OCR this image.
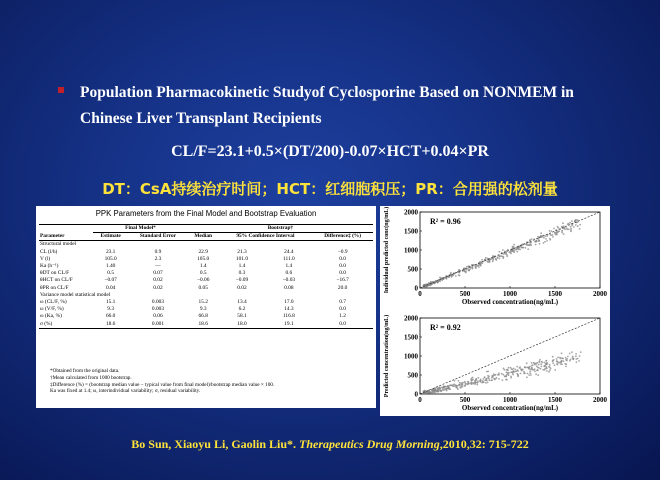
Population Pharmacokinetic Studyof Cyclosporine Based on NONMEM in
Chinese Liver Transplant Recipients
CL/F=23.1+0.5×(DT/200)-0.07×HCT+0.04×PR
DT：CsA持续治疗时间；HCT：红细胞积压；PR：合用强的松剂量
PPK Parameters from the Final Model and Bootstrap Evaluation
	Final Model*		Bootstrap†			
Parameter	Estimate	Standard Error	Median	95% Confidence Interval		Difference‡ (%)
Structural model						
CL (l/h)	23.1	0.9	22.9	21.3	24.4	−0.9
V (l)	105.0	2.3	105.0	101.0	111.0	0.0
Ka (h⁻¹)	1.40	—	1.4	1.4	1.4	0.0
θDT on CL/F	0.5	0.07	0.5	0.3	0.6	0.0
θHCT on CL/F	−0.07	0.02	−0.06	−0.09	−0.03	−16.7
θPR on CL/F	0.04	0.02	0.05	0.02	0.08	20.0
Variance model statistical model						
ω (CL/F, %)	15.1	0.003	15.2	13.4	17.0	0.7
ω (V/F, %)	9.3	0.003	9.3	6.2	14.3	0.0
ω (Ka, %)	66.0	0.06	66.8	58.1	116.8	1.2
σ (%)	18.6	0.001	18.6	18.0	19.1	0.0
*Obtained from the original data.
†Mean calculated from 1000 bootstrap.
‡Difference (%) = (bootstrap median value − typical value from final model)/bootstrap median value × 100.
Ka was fixed at 1.4; ω, interindividual variability; σ, residual variability.
0	500	1000	1500	2000
0
500
1000
1500
2000
Observed concentration(ng/mL)
Individual predicted conc(ng/mL)	R² = 0.96
0	500	1000	1500	2000
0
500
1000
1500
2000
Observed concentration(ng/mL)
Predicted concentration(ng/mL)	R² = 0.92
Bo Sun, Xiaoyu Li, Gaolin Liu*. Therapeutics Drug Morning,2010,32: 715-722
